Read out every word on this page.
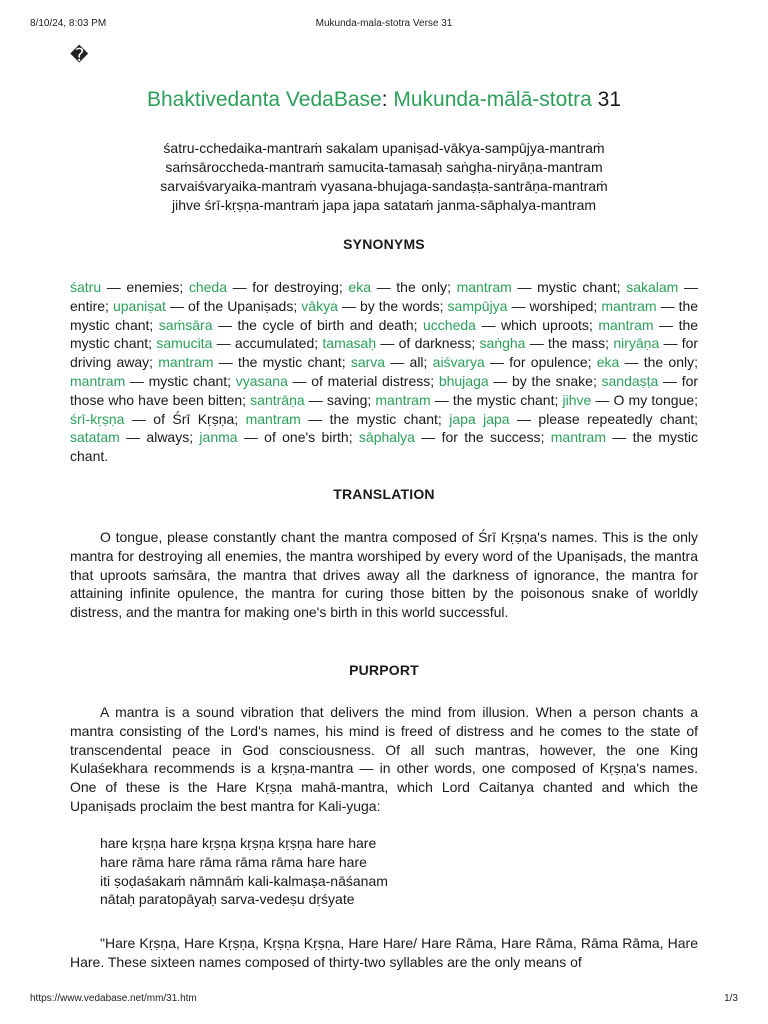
8/10/24, 8:03 PM	Mukunda-mala-stotra Verse 31
�
Bhaktivedanta VedaBase: Mukunda-mālā-stotra 31
śatru-cchedaika-mantraṁ sakalam upaniṣad-vākya-sampūjya-mantraṁ
saṁsāroccheda-mantraṁ samucita-tamasaḥ saṅgha-niryāṇa-mantram
sarvaiśvaryaika-mantraṁ vyasana-bhujaga-sandaṣṭa-santrāṇa-mantraṁ
jihve śrī-kṛṣṇa-mantraṁ japa japa satataṁ janma-sāphalya-mantram
SYNONYMS
śatru — enemies; cheda — for destroying; eka — the only; mantram — mystic chant; sakalam — entire; upaniṣat — of the Upaniṣads; vākya — by the words; sampūjya — worshiped; mantram — the mystic chant; saṁsāra — the cycle of birth and death; uccheda — which uproots; mantram — the mystic chant; samucita — accumulated; tamasaḥ — of darkness; saṅgha — the mass; niryāṇa — for driving away; mantram — the mystic chant; sarva — all; aiśvarya — for opulence; eka — the only; mantram — mystic chant; vyasana — of material distress; bhujaga — by the snake; sandaṣṭa — for those who have been bitten; santrāṇa — saving; mantram — the mystic chant; jihve — O my tongue; śrī-kṛṣṇa — of Śrī Kṛṣṇa; mantram — the mystic chant; japa japa — please repeatedly chant; satatam — always; janma — of one's birth; sāphalya — for the success; mantram — the mystic chant.
TRANSLATION
O tongue, please constantly chant the mantra composed of Śrī Kṛṣṇa's names. This is the only mantra for destroying all enemies, the mantra worshiped by every word of the Upaniṣads, the mantra that uproots saṁsāra, the mantra that drives away all the darkness of ignorance, the mantra for attaining infinite opulence, the mantra for curing those bitten by the poisonous snake of worldly distress, and the mantra for making one's birth in this world successful.
PURPORT
A mantra is a sound vibration that delivers the mind from illusion. When a person chants a mantra consisting of the Lord's names, his mind is freed of distress and he comes to the state of transcendental peace in God consciousness. Of all such mantras, however, the one King Kulaśekhara recommends is a kṛṣṇa-mantra — in other words, one composed of Kṛṣṇa's names. One of these is the Hare Kṛṣṇa mahā-mantra, which Lord Caitanya chanted and which the Upaniṣads proclaim the best mantra for Kali-yuga:
hare kṛṣṇa hare kṛṣṇa kṛṣṇa kṛṣṇa hare hare
hare rāma hare rāma rāma rāma hare hare
iti ṣoḍaśakaṁ nāmnāṁ kali-kalmaṣa-nāśanam
nātaḥ paratopāyaḥ sarva-vedeṣu dṛśyate
"Hare Kṛṣṇa, Hare Kṛṣṇa, Kṛṣṇa Kṛṣṇa, Hare Hare/ Hare Rāma, Hare Rāma, Rāma Rāma, Hare Hare. These sixteen names composed of thirty-two syllables are the only means of
https://www.vedabase.net/mm/31.htm	1/3
